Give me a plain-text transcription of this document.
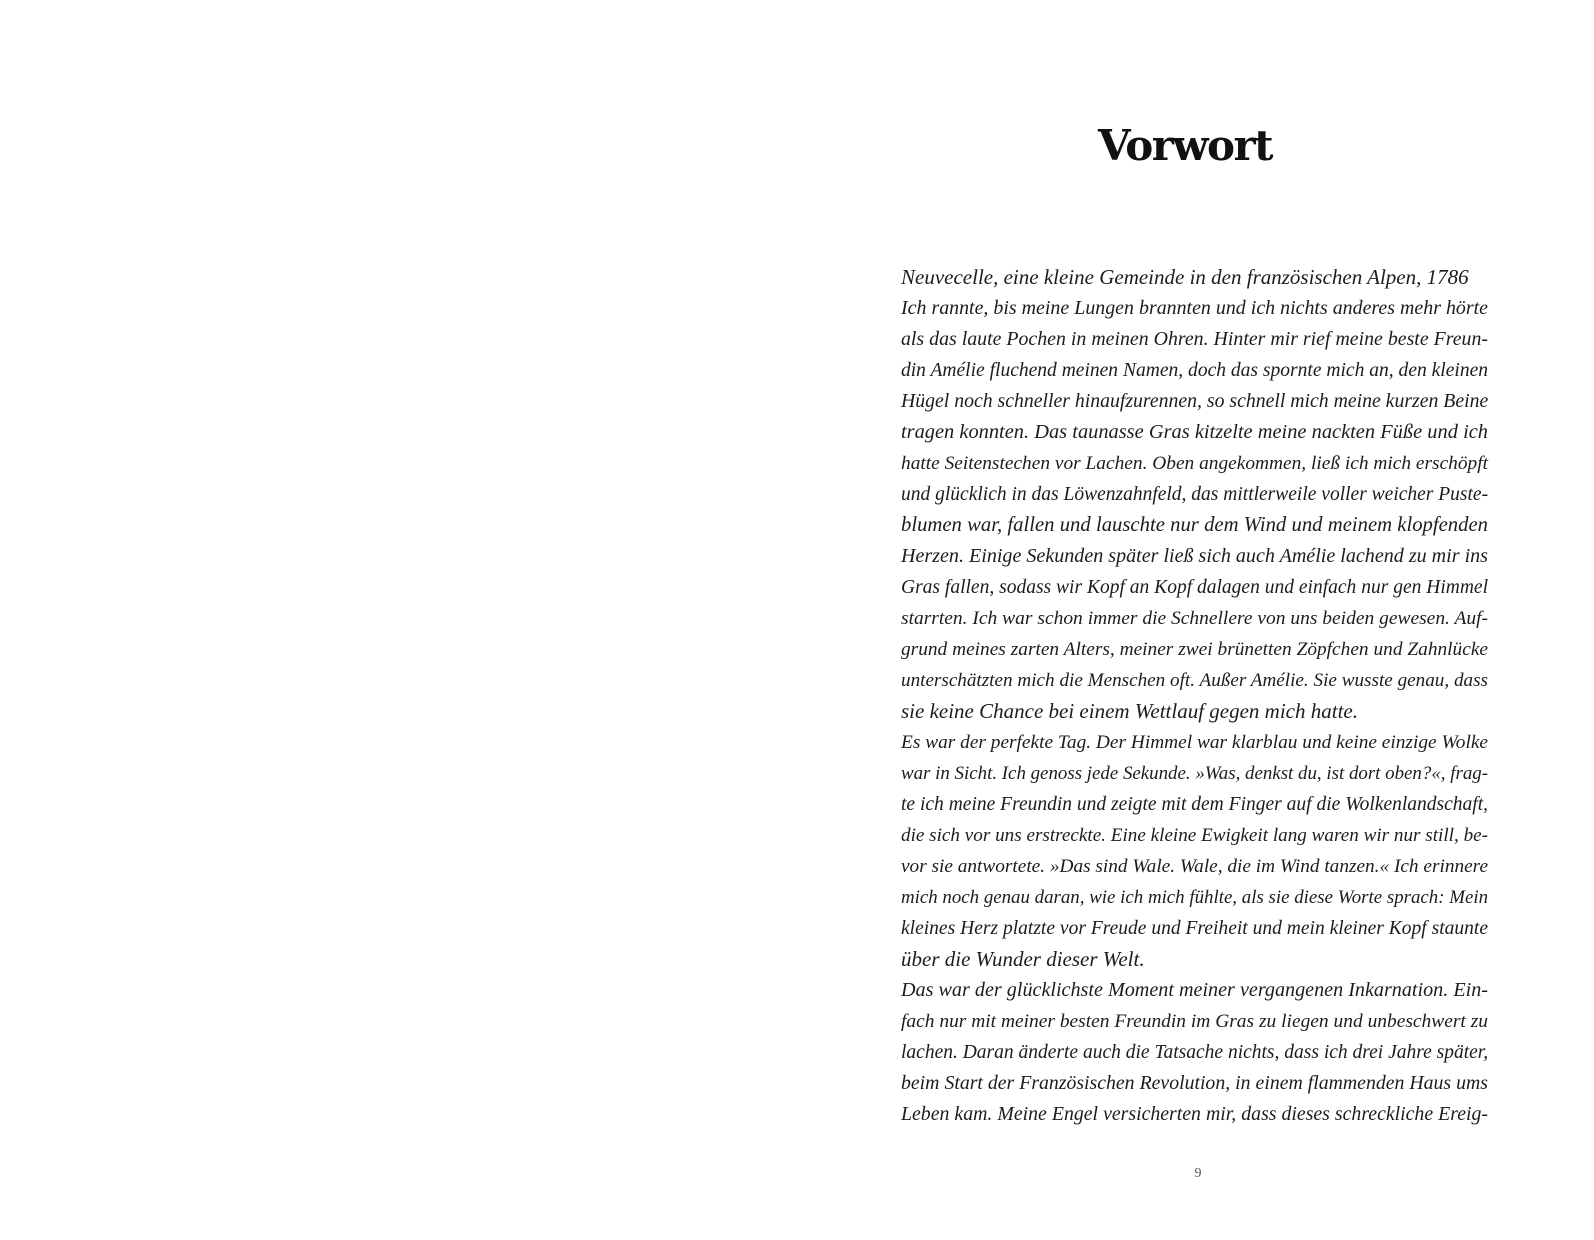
Vorwort
Neuvecelle, eine kleine Gemeinde in den französischen Alpen, 1786
Ich rannte, bis meine Lungen brannten und ich nichts anderes mehr hörte
als das laute Pochen in meinen Ohren. Hinter mir rief meine beste Freun-
din Amélie fluchend meinen Namen, doch das spornte mich an, den kleinen
Hügel noch schneller hinaufzurennen, so schnell mich meine kurzen Beine
tragen konnten. Das taunasse Gras kitzelte meine nackten Füße und ich
hatte Seitenstechen vor Lachen. Oben angekommen, ließ ich mich erschöpft
und glücklich in das Löwenzahnfeld, das mittlerweile voller weicher Puste-
blumen war, fallen und lauschte nur dem Wind und meinem klopfenden
Herzen. Einige Sekunden später ließ sich auch Amélie lachend zu mir ins
Gras fallen, sodass wir Kopf an Kopf dalagen und einfach nur gen Himmel
starrten. Ich war schon immer die Schnellere von uns beiden gewesen. Auf-
grund meines zarten Alters, meiner zwei brünetten Zöpfchen und Zahnlücke
unterschätzten mich die Menschen oft. Außer Amélie. Sie wusste genau, dass
sie keine Chance bei einem Wettlauf gegen mich hatte.
Es war der perfekte Tag. Der Himmel war klarblau und keine einzige Wolke
war in Sicht. Ich genoss jede Sekunde. »Was, denkst du, ist dort oben?«, frag-
te ich meine Freundin und zeigte mit dem Finger auf die Wolkenlandschaft,
die sich vor uns erstreckte. Eine kleine Ewigkeit lang waren wir nur still, be-
vor sie antwortete. »Das sind Wale. Wale, die im Wind tanzen.« Ich erinnere
mich noch genau daran, wie ich mich fühlte, als sie diese Worte sprach: Mein
kleines Herz platzte vor Freude und Freiheit und mein kleiner Kopf staunte
über die Wunder dieser Welt.
Das war der glücklichste Moment meiner vergangenen Inkarnation. Ein-
fach nur mit meiner besten Freundin im Gras zu liegen und unbeschwert zu
lachen. Daran änderte auch die Tatsache nichts, dass ich drei Jahre später,
beim Start der Französischen Revolution, in einem flammenden Haus ums
Leben kam. Meine Engel versicherten mir, dass dieses schreckliche Ereig-
9
